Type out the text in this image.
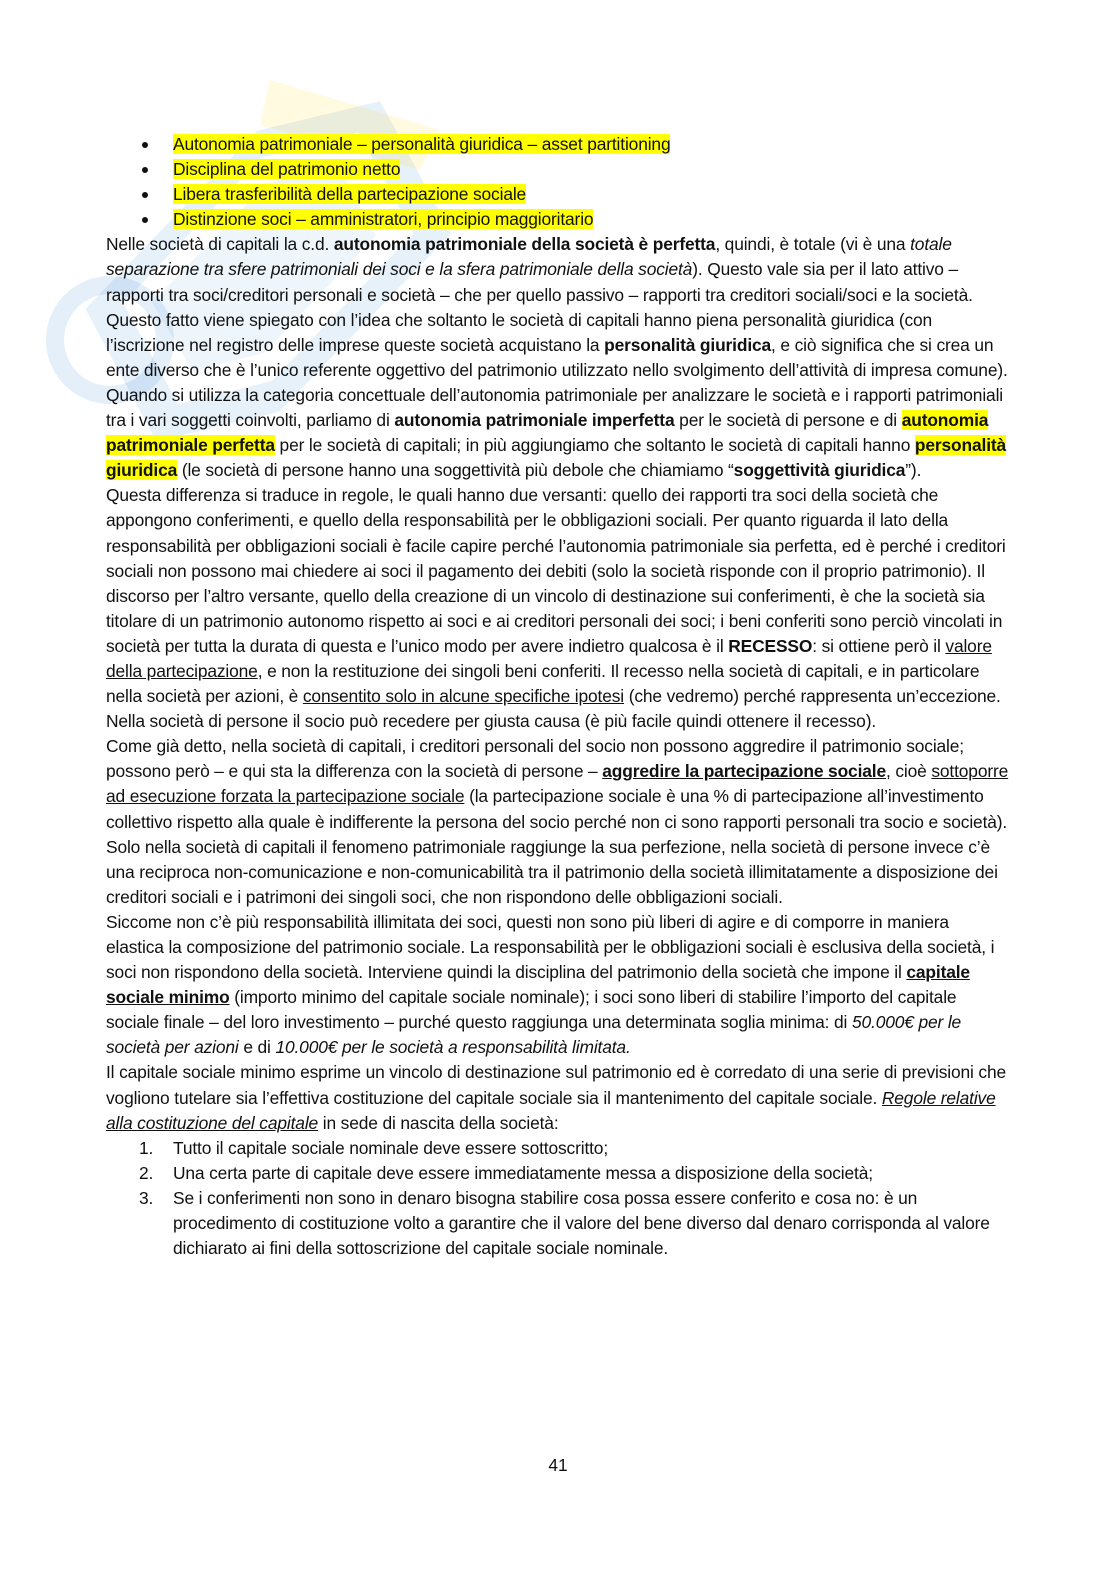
Autonomia patrimoniale – personalità giuridica – asset partitioning
Disciplina del patrimonio netto
Libera trasferibilità della partecipazione sociale
Distinzione soci – amministratori, principio maggioritario

Nelle società di capitali la c.d. autonomia patrimoniale della società è perfetta, quindi, è totale (vi è una totale separazione tra sfere patrimoniali dei soci e la sfera patrimoniale della società). Questo vale sia per il lato attivo – rapporti tra soci/creditori personali e società – che per quello passivo – rapporti tra creditori sociali/soci e la società.

Questo fatto viene spiegato con l’idea che soltanto le società di capitali hanno piena personalità giuridica (con l’iscrizione nel registro delle imprese queste società acquistano la personalità giuridica, e ciò significa che si crea un ente diverso che è l’unico referente oggettivo del patrimonio utilizzato nello svolgimento dell’attività di impresa comune).

Quando si utilizza la categoria concettuale dell’autonomia patrimoniale per analizzare le società e i rapporti patrimoniali tra i vari soggetti coinvolti, parliamo di autonomia patrimoniale imperfetta per le società di persone e di autonomia patrimoniale perfetta per le società di capitali; in più aggiungiamo che soltanto le società di capitali hanno personalità giuridica (le società di persone hanno una soggettività più debole che chiamiamo “soggettività giuridica”).

Questa differenza si traduce in regole, le quali hanno due versanti: quello dei rapporti tra soci della società che appongono conferimenti, e quello della responsabilità per le obbligazioni sociali. Per quanto riguarda il lato della responsabilità per obbligazioni sociali è facile capire perché l’autonomia patrimoniale sia perfetta, ed è perché i creditori sociali non possono mai chiedere ai soci il pagamento dei debiti (solo la società risponde con il proprio patrimonio). Il discorso per l’altro versante, quello della creazione di un vincolo di destinazione sui conferimenti, è che la società sia titolare di un patrimonio autonomo rispetto ai soci e ai creditori personali dei soci; i beni conferiti sono perciò vincolati in società per tutta la durata di questa e l’unico modo per avere indietro qualcosa è il RECESSO: si ottiene però il valore della partecipazione, e non la restituzione dei singoli beni conferiti. Il recesso nella società di capitali, e in particolare nella società per azioni, è consentito solo in alcune specifiche ipotesi (che vedremo) perché rappresenta un’eccezione.

Nella società di persone il socio può recedere per giusta causa (è più facile quindi ottenere il recesso).

Come già detto, nella società di capitali, i creditori personali del socio non possono aggredire il patrimonio sociale; possono però – e qui sta la differenza con la società di persone – aggredire la partecipazione sociale, cioè sottoporre ad esecuzione forzata la partecipazione sociale (la partecipazione sociale è una % di partecipazione all’investimento collettivo rispetto alla quale è indifferente la persona del socio perché non ci sono rapporti personali tra socio e società).

Solo nella società di capitali il fenomeno patrimoniale raggiunge la sua perfezione, nella società di persone invece c’è una reciproca non-comunicazione e non-comunicabilità tra il patrimonio della società illimitatamente a disposizione dei creditori sociali e i patrimoni dei singoli soci, che non rispondono delle obbligazioni sociali.

Siccome non c’è più responsabilità illimitata dei soci, questi non sono più liberi di agire e di comporre in maniera elastica la composizione del patrimonio sociale. La responsabilità per le obbligazioni sociali è esclusiva della società, i soci non rispondono della società. Interviene quindi la disciplina del patrimonio della società che impone il capitale sociale minimo (importo minimo del capitale sociale nominale); i soci sono liberi di stabilire l’importo del capitale sociale finale – del loro investimento – purché questo raggiunga una determinata soglia minima: di 50.000€ per le società per azioni e di 10.000€ per le società a responsabilità limitata.

Il capitale sociale minimo esprime un vincolo di destinazione sul patrimonio ed è corredato di una serie di previsioni che vogliono tutelare sia l’effettiva costituzione del capitale sociale sia il mantenimento del capitale sociale. Regole relative alla costituzione del capitale in sede di nascita della società:

1. Tutto il capitale sociale nominale deve essere sottoscritto;
2. Una certa parte di capitale deve essere immediatamente messa a disposizione della società;
3. Se i conferimenti non sono in denaro bisogna stabilire cosa possa essere conferito e cosa no: è un procedimento di costituzione volto a garantire che il valore del bene diverso dal denaro corrisponda al valore dichiarato ai fini della sottoscrizione del capitale sociale nominale.
41
